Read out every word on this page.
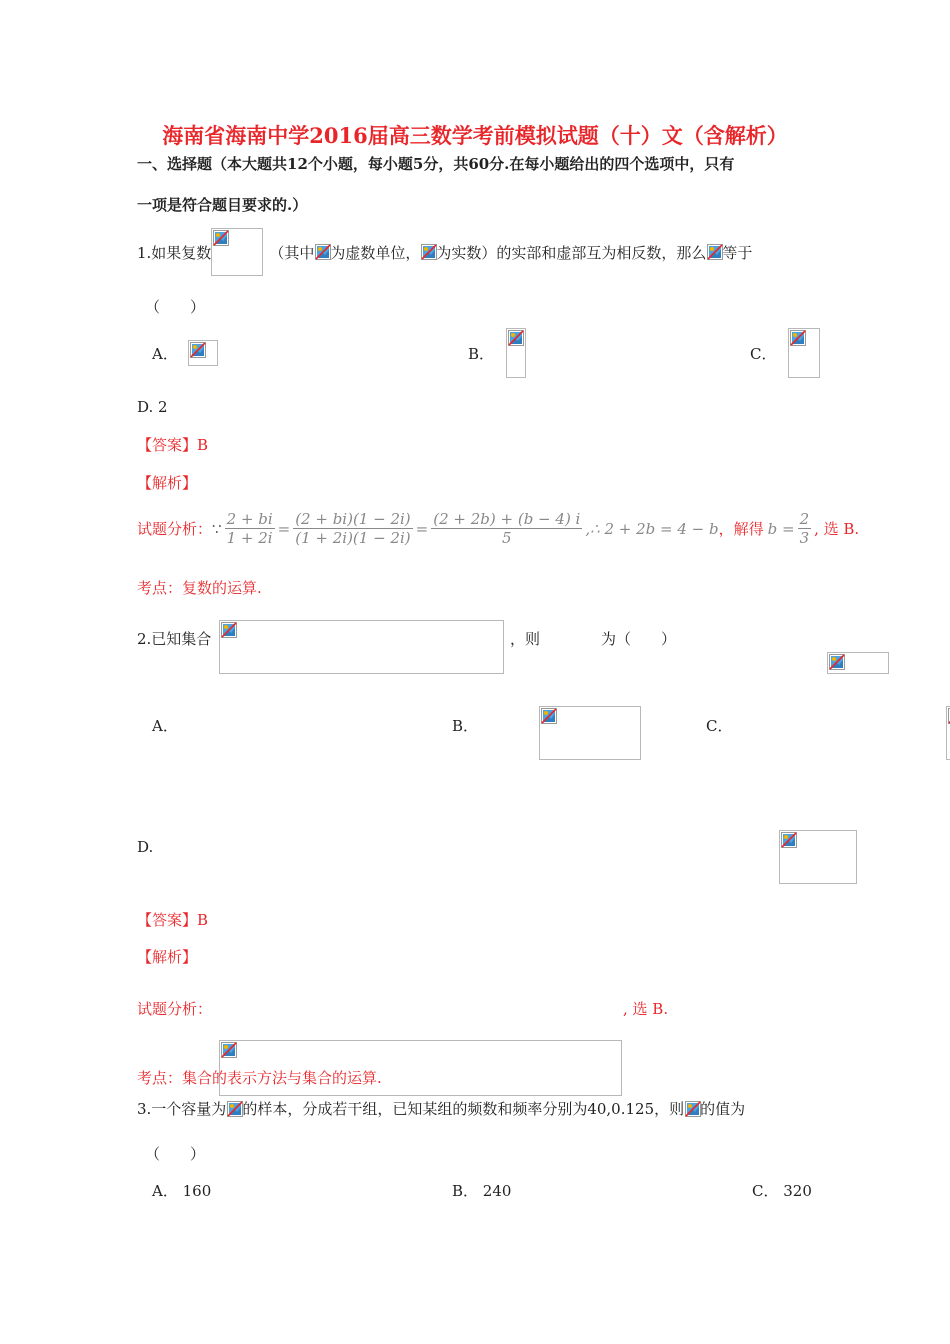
海南省海南中学2016届高三数学考前模拟试题（十）文（含解析）
一、选择题（本大题共12个小题，每小题5分，共60分.在每小题给出的四个选项中，只有
一项是符合题目要求的.）
1.如果复数	（其中 为虚数单位， 为实数）的实部和虚部互为相反数，那么 等于
（　　）
A．	B．	C．
D. 2
【答案】B
【解析】
试题分析： ∵ $\frac{2 + bi}{1 + 2i} = \frac{(2 + bi)(1 - 2i)}{(1 + 2i)(1 - 2i)} = \frac{(2 + 2b) + (b - 4) i}{5}$ ,∴ 2 + 2b = 4 − b ，解得 $b = \frac{2}{3}$ , 选 B.
考点：复数的运算.
2.已知集合
	，则
	为（　　）
A．
	B．
	C．

D.

【答案】B
【解析】
试题分析：	, 选 B.
考点：集合的表示方法与集合的运算.
3.一个容量为 的样本，分成若干组，已知某组的频数和频率分别为40,0.125，则 的值为
（　　）
A． 160	B． 240	C． 320
